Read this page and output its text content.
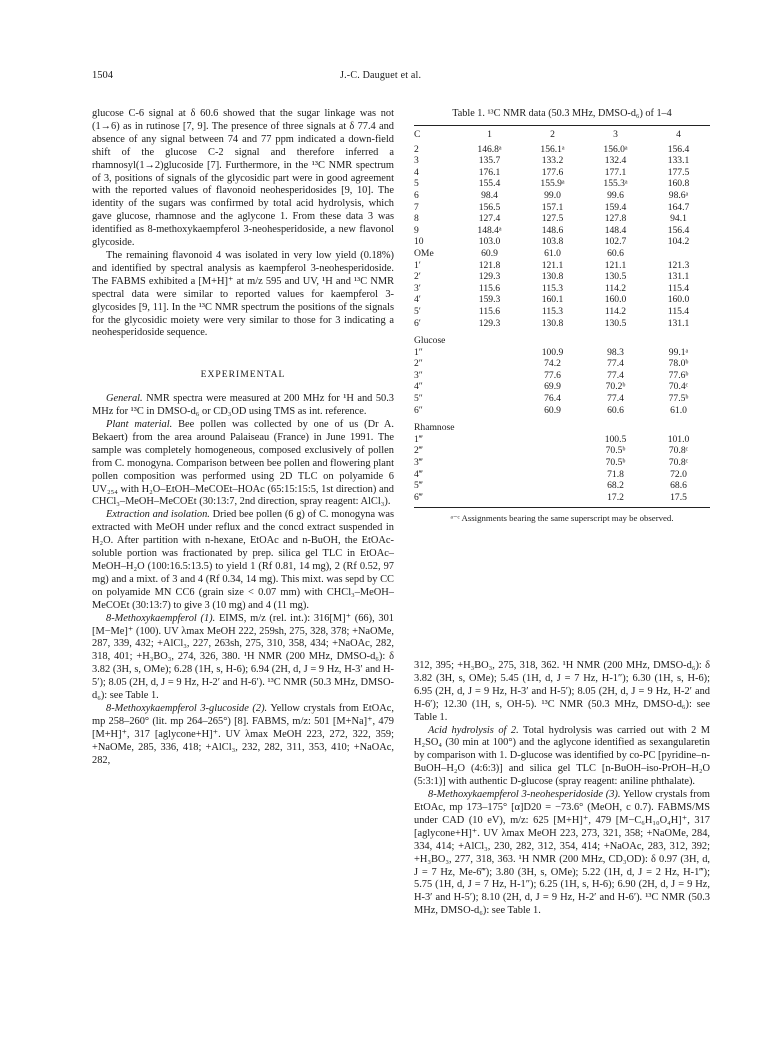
1504	J.-C. Dauguet et al.

glucose C-6 signal at δ 60.6 showed that the sugar linkage was not (1→6) as in rutinose [7, 9]. The presence of three signals at δ 77.4 and absence of any signal between 74 and 77 ppm indicated a down-field shift of the glucose C-2 signal and therefore inferred a rhamnosyl(1→2)glucoside [7]. Furthermore, in the ¹³C NMR spectrum of 3, positions of signals of the glycosidic part were in good agreement with the reported values of flavonoid neohesperidosides [9, 10]. The identity of the sugars was confirmed by total acid hydrolysis, which gave glucose, rhamnose and the aglycone 1. From these data 3 was identified as 8-methoxykaempferol 3-neohesperidoside, a new flavonol glycoside.

The remaining flavonoid 4 was isolated in very low yield (0.18%) and identified by spectral analysis as kaempferol 3-neohesperidoside. The FABMS exhibited a [M+H]⁺ at m/z 595 and UV, ¹H and ¹³C NMR spectral data were similar to reported values for kaempferol 3-glycosides [9, 11]. In the ¹³C NMR spectrum the positions of the signals for the glycosidic moiety were very similar to those for 3 indicating a neohesperidoside sequence.

EXPERIMENTAL

General. NMR spectra were measured at 200 MHz for ¹H and 50.3 MHz for ¹³C in DMSO-d₆ or CD₃OD using TMS as int. reference.

Plant material. Bee pollen was collected by one of us (Dr A. Bekaert) from the area around Palaiseau (France) in June 1991. The sample was completely homogeneous, composed exclusively of pollen from C. monogyna. Comparison between bee pollen and flowering plant pollen composition was performed using 2D TLC on polyamide 6 UV₂₅₄ with H₂O–EtOH–MeCOEt–HOAc (65:15:15:5, 1st direction) and CHCl₃–MeOH–MeCOEt (30:13:7, 2nd direction, spray reagent: AlCl₃).

Extraction and isolation. Dried bee pollen (6 g) of C. monogyna was extracted with MeOH under reflux and the concd extract suspended in H₂O. After partition with n-hexane, EtOAc and n-BuOH, the EtOAc-soluble portion was fractionated by prep. silica gel TLC in EtOAc–MeOH–H₂O (100:16.5:13.5) to yield 1 (Rf 0.81, 14 mg), 2 (Rf 0.52, 97 mg) and a mixt. of 3 and 4 (Rf 0.34, 14 mg). This mixt. was sepd by CC on polyamide MN CC6 (grain size < 0.07 mm) with CHCl₃–MeOH–MeCOEt (30:13:7) to give 3 (10 mg) and 4 (11 mg).

8-Methoxykaempferol (1). EIMS, m/z (rel. int.): 316[M]⁺ (66), 301 [M−Me]⁺ (100). UV λmax MeOH 222, 259sh, 275, 328, 378; +NaOMe, 287, 339, 432; +AlCl₃, 227, 263sh, 275, 310, 358, 434; +NaOAc, 282, 318, 401; +H₃BO₃, 274, 326, 380. ¹H NMR (200 MHz, DMSO-d₆): δ 3.82 (3H, s, OMe); 6.28 (1H, s, H-6); 6.94 (2H, d, J = 9 Hz, H-3′ and H-5′); 8.05 (2H, d, J = 9 Hz, H-2′ and H-6′). ¹³C NMR (50.3 MHz, DMSO-d₆): see Table 1.

8-Methoxykaempferol 3-glucoside (2). Yellow crystals from EtOAc, mp 258–260° (lit. mp 264–265°) [8]. FABMS, m/z: 501 [M+Na]⁺, 479 [M+H]⁺, 317 [aglycone+H]⁺. UV λmax MeOH 223, 272, 322, 359; +NaOMe, 285, 336, 418; +AlCl₃, 232, 282, 311, 353, 410; +NaOAc, 282,

Table 1. ¹³C NMR data (50.3 MHz, DMSO-d₆) of 1–4
C	1	2	3	4
2	146.8ᵃ	156.1ᵃ	156.0ᵃ	156.4
3	135.7	133.2	132.4	133.1
4	176.1	177.6	177.1	177.5
5	155.4	155.9ᵃ	155.3ᵃ	160.8
6	98.4	99.0	99.6	98.6ᵃ
7	156.5	157.1	159.4	164.7
8	127.4	127.5	127.8	94.1
9	148.4ᵃ	148.6	148.4	156.4
10	103.0	103.8	102.7	104.2
OMe	60.9	61.0	60.6	
1′	121.8	121.1	121.1	121.3
2′	129.3	130.8	130.5	131.1
3′	115.6	115.3	114.2	115.4
4′	159.3	160.1	160.0	160.0
5′	115.6	115.3	114.2	115.4
6′	129.3	130.8	130.5	131.1
Glucose				
1″		100.9	98.3	99.1ᵃ
2″		74.2	77.4	78.0ᵇ
3″		77.6	77.4	77.6ᵇ
4″		69.9	70.2ᵇ	70.4ᶜ
5″		76.4	77.4	77.5ᵇ
6″		60.9	60.6	61.0
Rhamnose				
1‴			100.5	101.0
2‴			70.5ᵇ	70.8ᶜ
3‴			70.5ᵇ	70.8ᶜ
4‴			71.8	72.0
5‴			68.2	68.6
6‴			17.2	17.5
ᵃ⁻ᶜ Assignments bearing the same superscript may be observed.

312, 395; +H₃BO₃, 275, 318, 362. ¹H NMR (200 MHz, DMSO-d₆): δ 3.82 (3H, s, OMe); 5.45 (1H, d, J = 7 Hz, H-1″); 6.30 (1H, s, H-6); 6.95 (2H, d, J = 9 Hz, H-3′ and H-5′); 8.05 (2H, d, J = 9 Hz, H-2′ and H-6′); 12.30 (1H, s, OH-5). ¹³C NMR (50.3 MHz, DMSO-d₆): see Table 1.

Acid hydrolysis of 2. Total hydrolysis was carried out with 2 M H₂SO₄ (30 min at 100°) and the aglycone identified as sexangularetin by comparison with 1. D-glucose was identified by co-PC [pyridine–n-BuOH–H₂O (4:6:3)] and silica gel TLC [n-BuOH–iso-PrOH–H₂O (5:3:1)] with authentic D-glucose (spray reagent: aniline phthalate).

8-Methoxykaempferol 3-neohesperidoside (3). Yellow crystals from EtOAc, mp 173–175° [α]D20 = −73.6° (MeOH, c 0.7). FABMS/MS under CAD (10 eV), m/z: 625 [M+H]⁺, 479 [M−C₆H₁₀O₄H]⁺, 317 [aglycone+H]⁺. UV λmax MeOH 223, 273, 321, 358; +NaOMe, 284, 334, 414; +AlCl₃, 230, 282, 312, 354, 414; +NaOAc, 283, 312, 392; +H₃BO₃, 277, 318, 363. ¹H NMR (200 MHz, CD₃OD): δ 0.97 (3H, d, J = 7 Hz, Me-6‴); 3.80 (3H, s, OMe); 5.22 (1H, d, J = 2 Hz, H-1‴); 5.75 (1H, d, J = 7 Hz, H-1″); 6.25 (1H, s, H-6); 6.90 (2H, d, J = 9 Hz, H-3′ and H-5′); 8.10 (2H, d, J = 9 Hz, H-2′ and H-6′). ¹³C NMR (50.3 MHz, DMSO-d₆): see Table 1.
